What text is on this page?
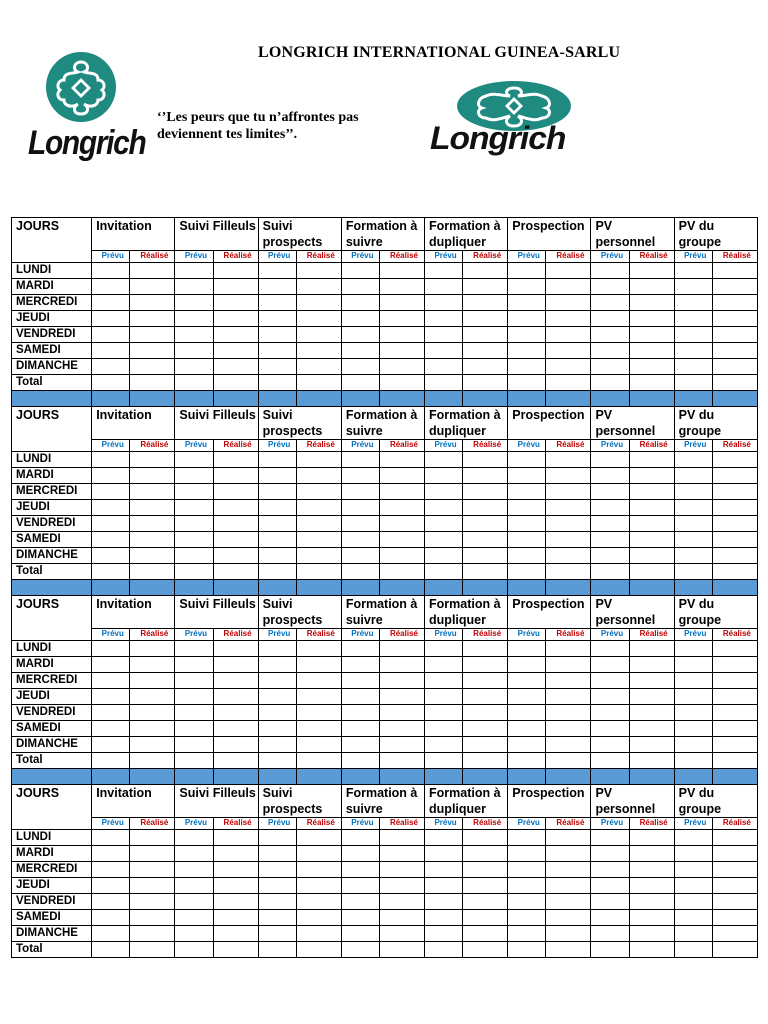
LONGRICH INTERNATIONAL GUINEA-SARLU
‘’Les peurs que tu n’affrontes pas deviennent tes limites’’.
Longrich	Longrich
JOURS	Invitation		Suivi Filleuls		Suivi prospects		Formation à suivre		Formation à dupliquer		Prospection		PV personnel		PV du groupe	
	Prévu	Réalisé	Prévu	Réalisé	Prévu	Réalisé	Prévu	Réalisé	Prévu	Réalisé	Prévu	Réalisé	Prévu	Réalisé	Prévu	Réalisé
LUNDI																
MARDI																
MERCREDI																
JEUDI																
VENDREDI																
SAMEDI																
DIMANCHE																
Total																

JOURS	Invitation		Suivi Filleuls		Suivi prospects		Formation à suivre		Formation à dupliquer		Prospection		PV personnel		PV du groupe	
	Prévu	Réalisé	Prévu	Réalisé	Prévu	Réalisé	Prévu	Réalisé	Prévu	Réalisé	Prévu	Réalisé	Prévu	Réalisé	Prévu	Réalisé
LUNDI																
MARDI																
MERCREDI																
JEUDI																
VENDREDI																
SAMEDI																
DIMANCHE																
Total																

JOURS	Invitation		Suivi Filleuls		Suivi prospects		Formation à suivre		Formation à dupliquer		Prospection		PV personnel		PV du groupe	
	Prévu	Réalisé	Prévu	Réalisé	Prévu	Réalisé	Prévu	Réalisé	Prévu	Réalisé	Prévu	Réalisé	Prévu	Réalisé	Prévu	Réalisé
LUNDI																
MARDI																
MERCREDI																
JEUDI																
VENDREDI																
SAMEDI																
DIMANCHE																
Total																

JOURS	Invitation		Suivi Filleuls		Suivi prospects		Formation à suivre		Formation à dupliquer		Prospection		PV personnel		PV du groupe	
	Prévu	Réalisé	Prévu	Réalisé	Prévu	Réalisé	Prévu	Réalisé	Prévu	Réalisé	Prévu	Réalisé	Prévu	Réalisé	Prévu	Réalisé
LUNDI																
MARDI																
MERCREDI																
JEUDI																
VENDREDI																
SAMEDI																
DIMANCHE																
Total																
